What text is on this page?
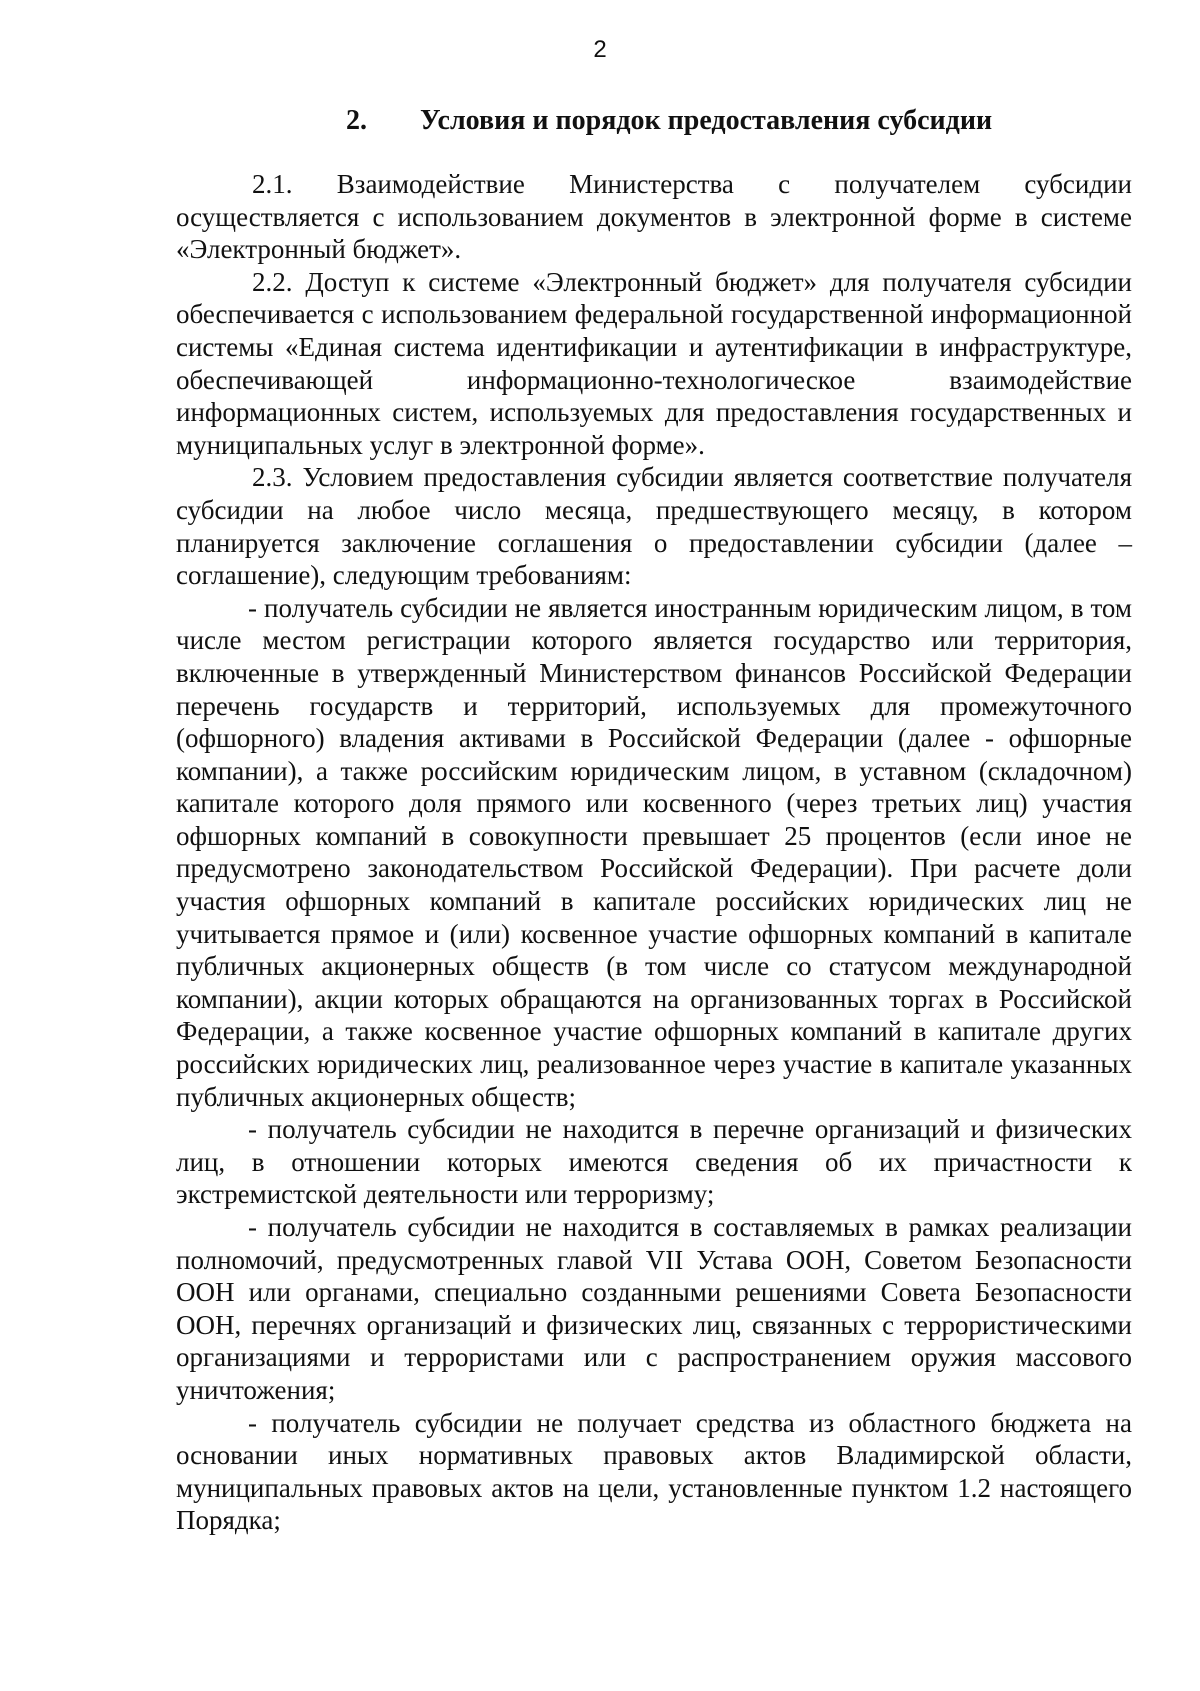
2
2. Условия и порядок предоставления субсидии

2.1. Взаимодействие Министерства с получателем субсидии осуществляется с использованием документов в электронной форме в системе «Электронный бюджет».

2.2. Доступ к системе «Электронный бюджет» для получателя субсидии обеспечивается с использованием федеральной государственной информационной системы «Единая система идентификации и аутентификации в инфраструктуре, обеспечивающей информационно-технологическое взаимодействие информационных систем, используемых для предоставления государственных и муниципальных услуг в электронной форме».

2.3. Условием предоставления субсидии является соответствие получателя субсидии на любое число месяца, предшествующего месяцу, в котором планируется заключение соглашения о предоставлении субсидии (далее – соглашение), следующим требованиям:

- получатель субсидии не является иностранным юридическим лицом, в том числе местом регистрации которого является государство или территория, включенные в утвержденный Министерством финансов Российской Федерации перечень государств и территорий, используемых для промежуточного (офшорного) владения активами в Российской Федерации (далее - офшорные компании), а также российским юридическим лицом, в уставном (складочном) капитале которого доля прямого или косвенного (через третьих лиц) участия офшорных компаний в совокупности превышает 25 процентов (если иное не предусмотрено законодательством Российской Федерации). При расчете доли участия офшорных компаний в капитале российских юридических лиц не учитывается прямое и (или) косвенное участие офшорных компаний в капитале публичных акционерных обществ (в том числе со статусом международной компании), акции которых обращаются на организованных торгах в Российской Федерации, а также косвенное участие офшорных компаний в капитале других российских юридических лиц, реализованное через участие в капитале указанных публичных акционерных обществ;

- получатель субсидии не находится в перечне организаций и физических лиц, в отношении которых имеются сведения об их причастности к экстремистской деятельности или терроризму;

- получатель субсидии не находится в составляемых в рамках реализации полномочий, предусмотренных главой VII Устава ООН, Советом Безопасности ООН или органами, специально созданными решениями Совета Безопасности ООН, перечнях организаций и физических лиц, связанных с террористическими организациями и террористами или с распространением оружия массового уничтожения;

- получатель субсидии не получает средства из областного бюджета на основании иных нормативных правовых актов Владимирской области, муниципальных правовых актов на цели, установленные пунктом 1.2 настоящего Порядка;
